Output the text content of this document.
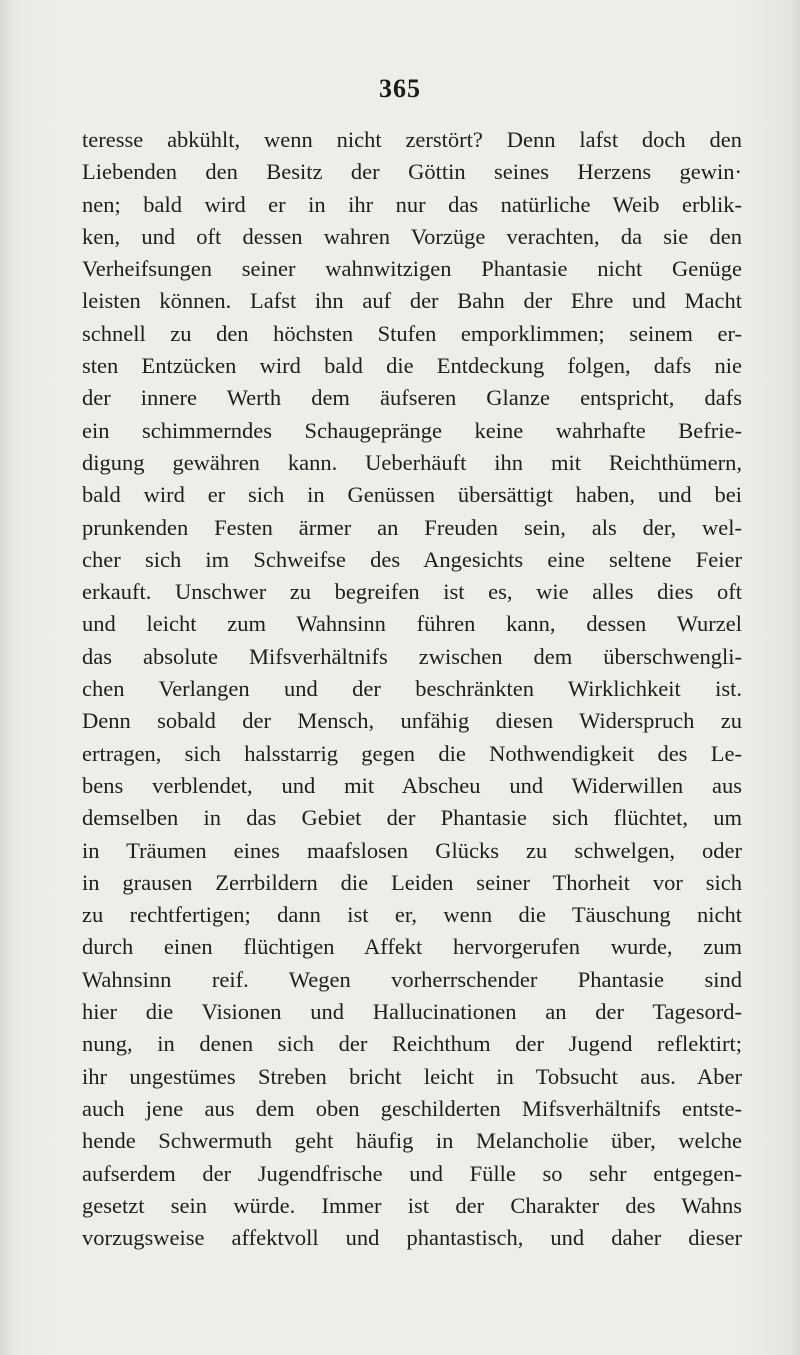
365
teresse abkühlt, wenn nicht zerstört? Denn lafst doch den
Liebenden den Besitz der Göttin seines Herzens gewin·
nen; bald wird er in ihr nur das natürliche Weib erblik-
ken, und oft dessen wahren Vorzüge verachten, da sie den
Verheifsungen seiner wahnwitzigen Phantasie nicht Genüge
leisten können. Lafst ihn auf der Bahn der Ehre und Macht
schnell zu den höchsten Stufen emporklimmen; seinem er-
sten Entzücken wird bald die Entdeckung folgen, dafs nie
der innere Werth dem äufseren Glanze entspricht, dafs
ein schimmerndes Schaugepränge keine wahrhafte Befrie-
digung gewähren kann. Ueberhäuft ihn mit Reichthümern,
bald wird er sich in Genüssen übersättigt haben, und bei
prunkenden Festen ärmer an Freuden sein, als der, wel-
cher sich im Schweifse des Angesichts eine seltene Feier
erkauft. Unschwer zu begreifen ist es, wie alles dies oft
und leicht zum Wahnsinn führen kann, dessen Wurzel
das absolute Mifsverhältnifs zwischen dem überschwengli-
chen Verlangen und der beschränkten Wirklichkeit ist.
Denn sobald der Mensch, unfähig diesen Widerspruch zu
ertragen, sich halsstarrig gegen die Nothwendigkeit des Le-
bens verblendet, und mit Abscheu und Widerwillen aus
demselben in das Gebiet der Phantasie sich flüchtet, um
in Träumen eines maafslosen Glücks zu schwelgen, oder
in grausen Zerrbildern die Leiden seiner Thorheit vor sich
zu rechtfertigen; dann ist er, wenn die Täuschung nicht
durch einen flüchtigen Affekt hervorgerufen wurde, zum
Wahnsinn reif. Wegen vorherrschender Phantasie sind
hier die Visionen und Hallucinationen an der Tagesord-
nung, in denen sich der Reichthum der Jugend reflektirt;
ihr ungestümes Streben bricht leicht in Tobsucht aus. Aber
auch jene aus dem oben geschilderten Mifsverhältnifs entste-
hende Schwermuth geht häufig in Melancholie über, welche
aufserdem der Jugendfrische und Fülle so sehr entgegen-
gesetzt sein würde. Immer ist der Charakter des Wahns
vorzugsweise affektvoll und phantastisch, und daher dieser
